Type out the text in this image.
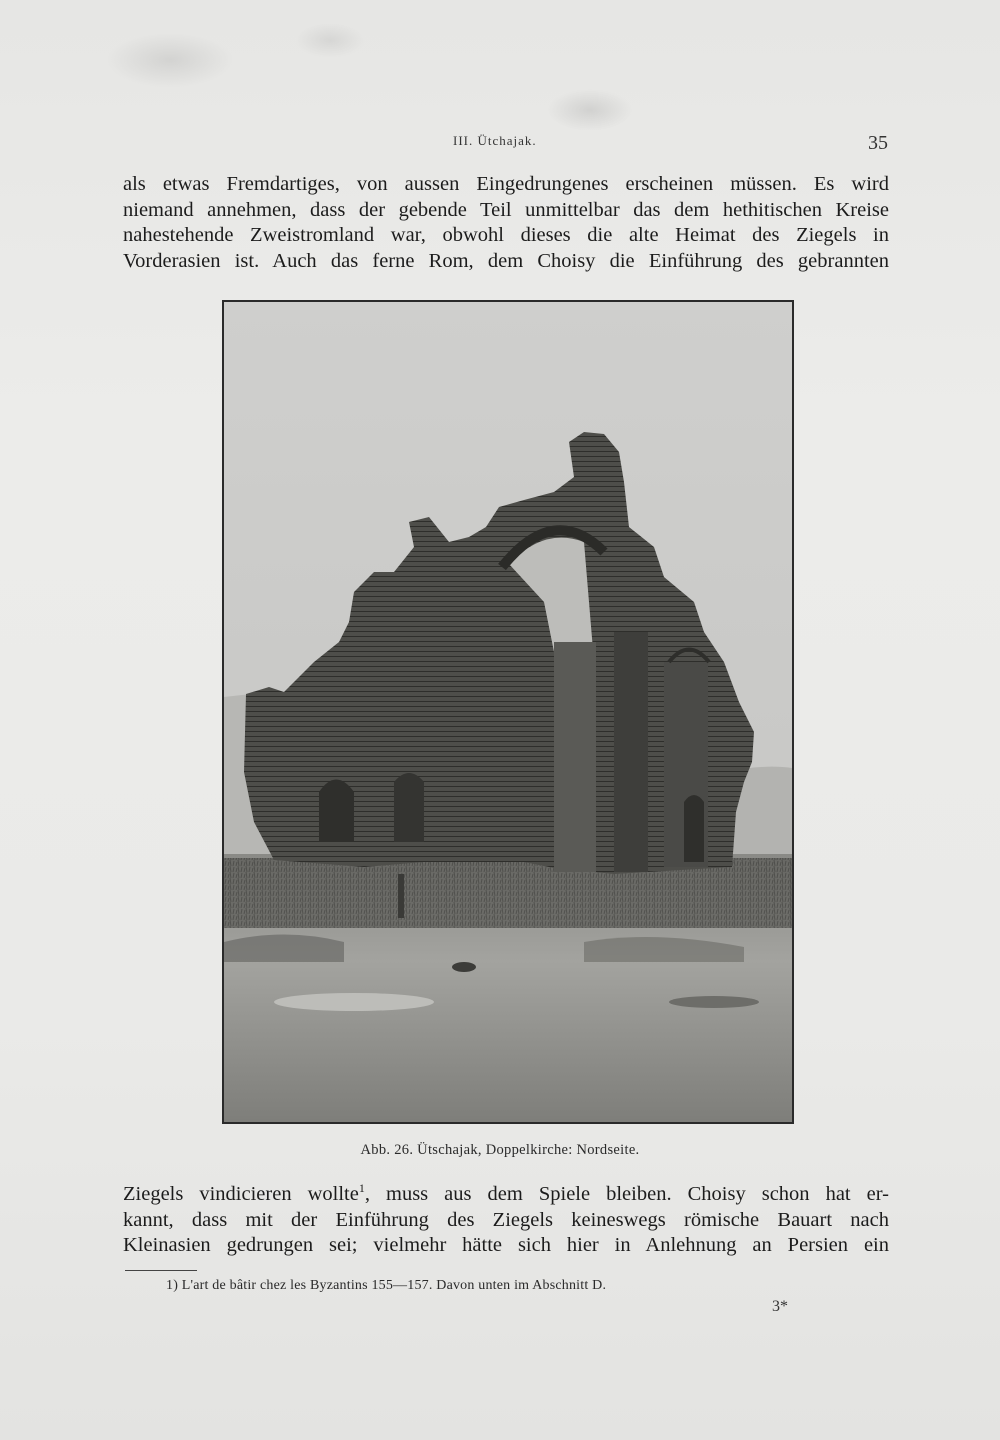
III. Ütchajak.	35
als etwas Fremdartiges, von aussen Eingedrungenes erscheinen müssen. Es wird
niemand annehmen, dass der gebende Teil unmittelbar das dem hethitischen Kreise
nahestehende Zweistromland war, obwohl dieses die alte Heimat des Ziegels in
Vorderasien ist. Auch das ferne Rom, dem Choisy die Einführung des gebrannten
Abb. 26. Ütschajak, Doppelkirche: Nordseite.
Ziegels vindicieren wollte$^1$, muss aus dem Spiele bleiben. Choisy schon hat er-
kannt, dass mit der Einführung des Ziegels keineswegs römische Bauart nach
Kleinasien gedrungen sei; vielmehr hätte sich hier in Anlehnung an Persien ein
1) L'art de bâtir chez les Byzantins 155—157. Davon unten im Abschnitt D.
3*
